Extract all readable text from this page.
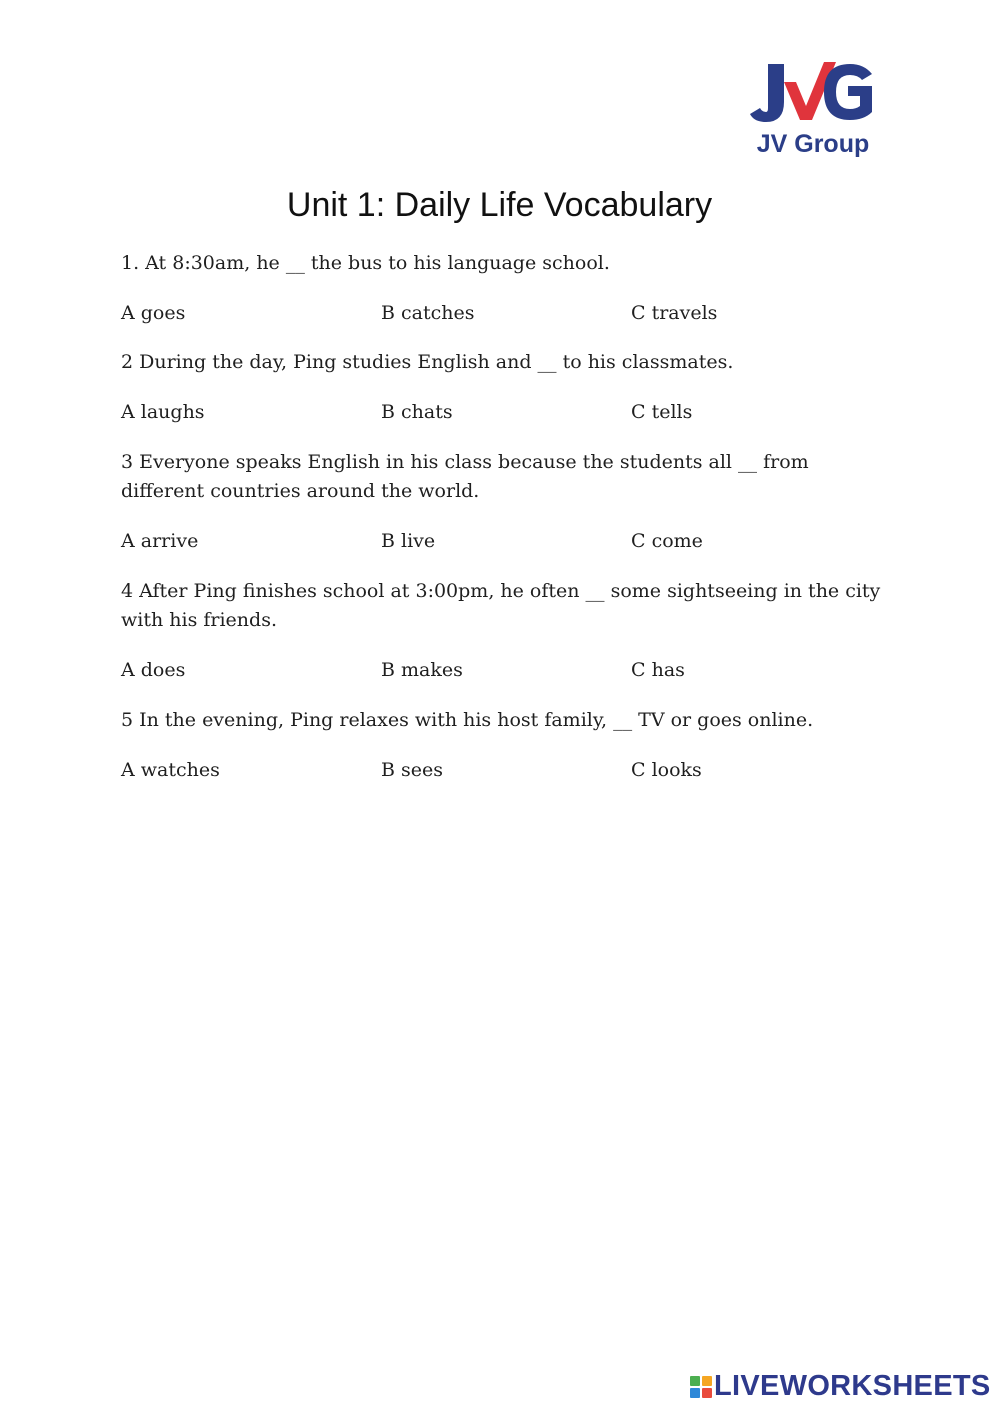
JV Group
Unit 1: Daily Life Vocabulary
1. At 8:30am, he __ the bus to his language school.
A goes	B catches	C travels
2 During the day, Ping studies English and __ to his classmates.
A laughs	B chats	C tells
3 Everyone speaks English in his class because the students all __ from different countries around the world.
A arrive	B live	C come
4 After Ping finishes school at 3:00pm, he often __ some sightseeing in the city with his friends.
A does	B makes	C has
5 In the evening, Ping relaxes with his host family, __ TV or goes online.
A watches	B sees	C looks
LIVEWORKSHEETS
